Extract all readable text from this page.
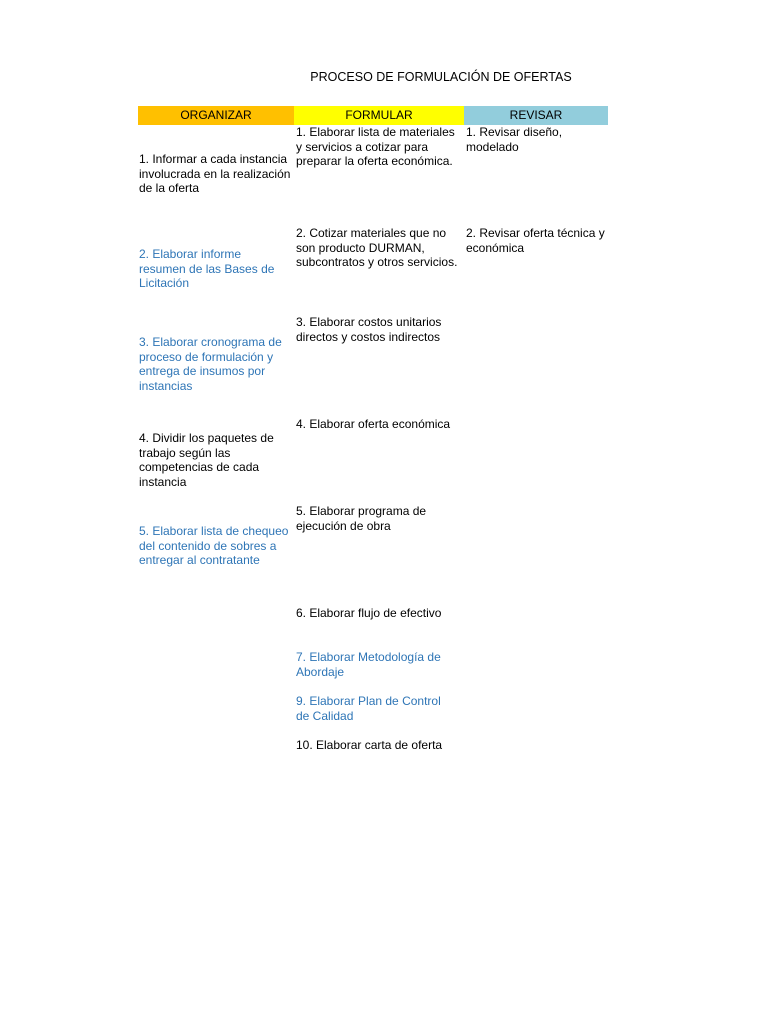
PROCESO DE FORMULACIÓN DE OFERTAS
ORGANIZAR	FORMULAR	REVISAR
1. Informar a cada instancia involucrada en la realización de la oferta
2. Elaborar informe resumen de las Bases de Licitación
3. Elaborar cronograma de proceso de formulación y entrega de insumos por instancias
4. Dividir los paquetes de trabajo según las competencias de cada instancia
5. Elaborar lista de chequeo del contenido de sobres a entregar al contratante
1. Elaborar lista de materiales y servicios a cotizar para preparar la oferta económica.
2. Cotizar materiales que no son producto DURMAN, subcontratos y otros servicios.
3. Elaborar costos unitarios directos y costos indirectos
4. Elaborar oferta económica
5. Elaborar programa de ejecución de obra
6. Elaborar flujo de efectivo
7. Elaborar Metodología de Abordaje
9. Elaborar Plan de Control de Calidad
10. Elaborar carta de oferta
1. Revisar diseño, modelado
2. Revisar oferta técnica y económica
